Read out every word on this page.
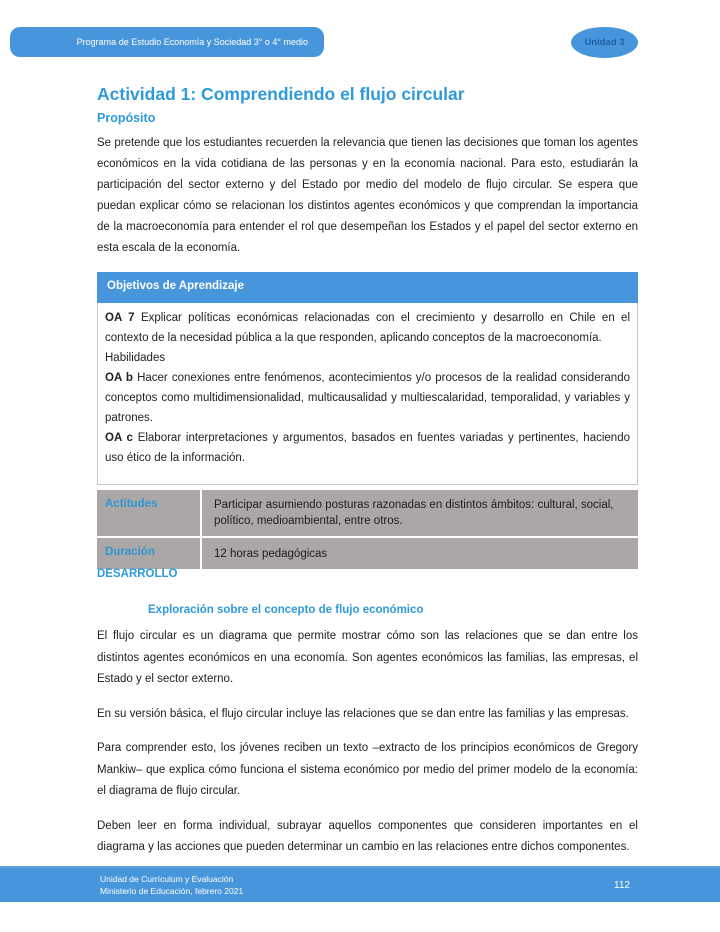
Programa de Estudio Economía y Sociedad 3° o 4° medio	Unidad 3
Actividad 1: Comprendiendo el flujo circular
Propósito

Se pretende que los estudiantes recuerden la relevancia que tienen las decisiones que toman los agentes económicos en la vida cotidiana de las personas y en la economía nacional. Para esto, estudiarán la participación del sector externo y del Estado por medio del modelo de flujo circular. Se espera que puedan explicar cómo se relacionan los distintos agentes económicos y que comprendan la importancia de la macroeconomía para entender el rol que desempeñan los Estados y el papel del sector externo en esta escala de la economía.

Objetivos de Aprendizaje

OA 7 Explicar políticas económicas relacionadas con el crecimiento y desarrollo en Chile en el contexto de la necesidad pública a la que responden, aplicando conceptos de la macroeconomía.

Habilidades

OA b Hacer conexiones entre fenómenos, acontecimientos y/o procesos de la realidad considerando conceptos como multidimensionalidad, multicausalidad y multiescalaridad, temporalidad, y variables y patrones.

OA c Elaborar interpretaciones y argumentos, basados en fuentes variadas y pertinentes, haciendo uso ético de la información.

Actitudes	Participar asumiendo posturas razonadas en distintos ámbitos: cultural, social, político, medioambiental, entre otros.
Duración	12 horas pedagógicas
DESARROLLO
Exploración sobre el concepto de flujo económico

El flujo circular es un diagrama que permite mostrar cómo son las relaciones que se dan entre los distintos agentes económicos en una economía. Son agentes económicos las familias, las empresas, el Estado y el sector externo.

En su versión básica, el flujo circular incluye las relaciones que se dan entre las familias y las empresas.

Para comprender esto, los jóvenes reciben un texto –extracto de los principios económicos de Gregory Mankiw– que explica cómo funciona el sistema económico por medio del primer modelo de la economía: el diagrama de flujo circular.

Deben leer en forma individual, subrayar aquellos componentes que consideren importantes en el diagrama y las acciones que pueden determinar un cambio en las relaciones entre dichos componentes.

Unidad de Currículum y Evaluación
Ministerio de Educación, febrero 2021
112
